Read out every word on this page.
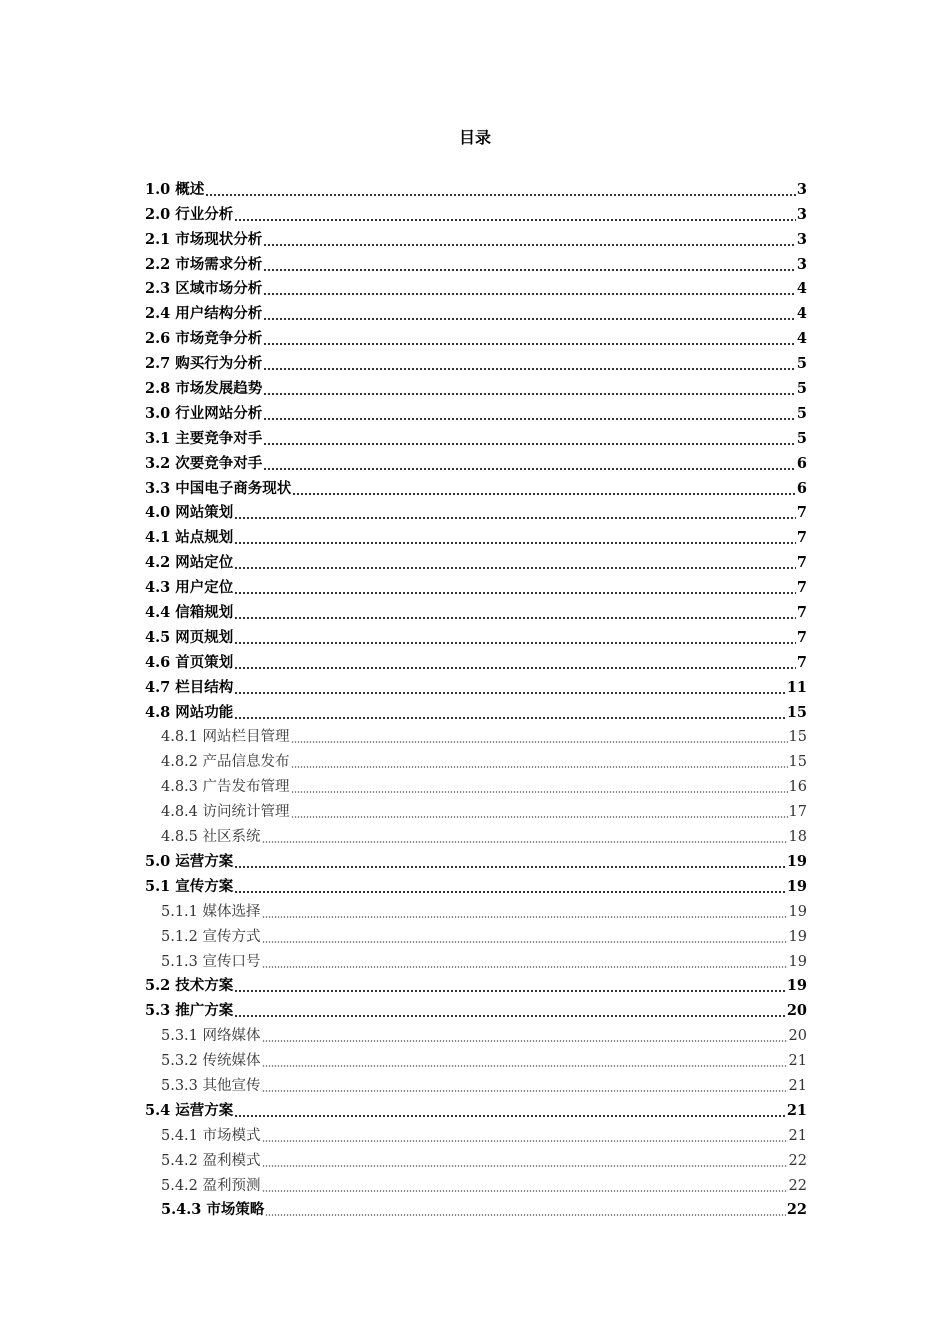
目录
1.0 概述	3
2.0 行业分析	3
2.1 市场现状分析	3
2.2 市场需求分析	3
2.3 区域市场分析	4
2.4 用户结构分析	4
2.6 市场竞争分析	4
2.7 购买行为分析	5
2.8 市场发展趋势	5
3.0 行业网站分析	5
3.1 主要竞争对手	5
3.2 次要竞争对手	6
3.3 中国电子商务现状	6
4.0 网站策划	7
4.1 站点规划	7
4.2 网站定位	7
4.3 用户定位	7
4.4 信箱规划	7
4.5 网页规划	7
4.6 首页策划	7
4.7 栏目结构	11
4.8 网站功能	15
4.8.1 网站栏目管理	15
4.8.2 产品信息发布	15
4.8.3 广告发布管理	16
4.8.4 访问统计管理	17
4.8.5 社区系统	18
5.0 运营方案	19
5.1 宣传方案	19
5.1.1 媒体选择	19
5.1.2 宣传方式	19
5.1.3 宣传口号	19
5.2 技术方案	19
5.3 推广方案	20
5.3.1 网络媒体	20
5.3.2 传统媒体	21
5.3.3 其他宣传	21
5.4 运营方案	21
5.4.1 市场模式	21
5.4.2 盈利模式	22
5.4.2 盈利预测	22
5.4.3 市场策略	22
